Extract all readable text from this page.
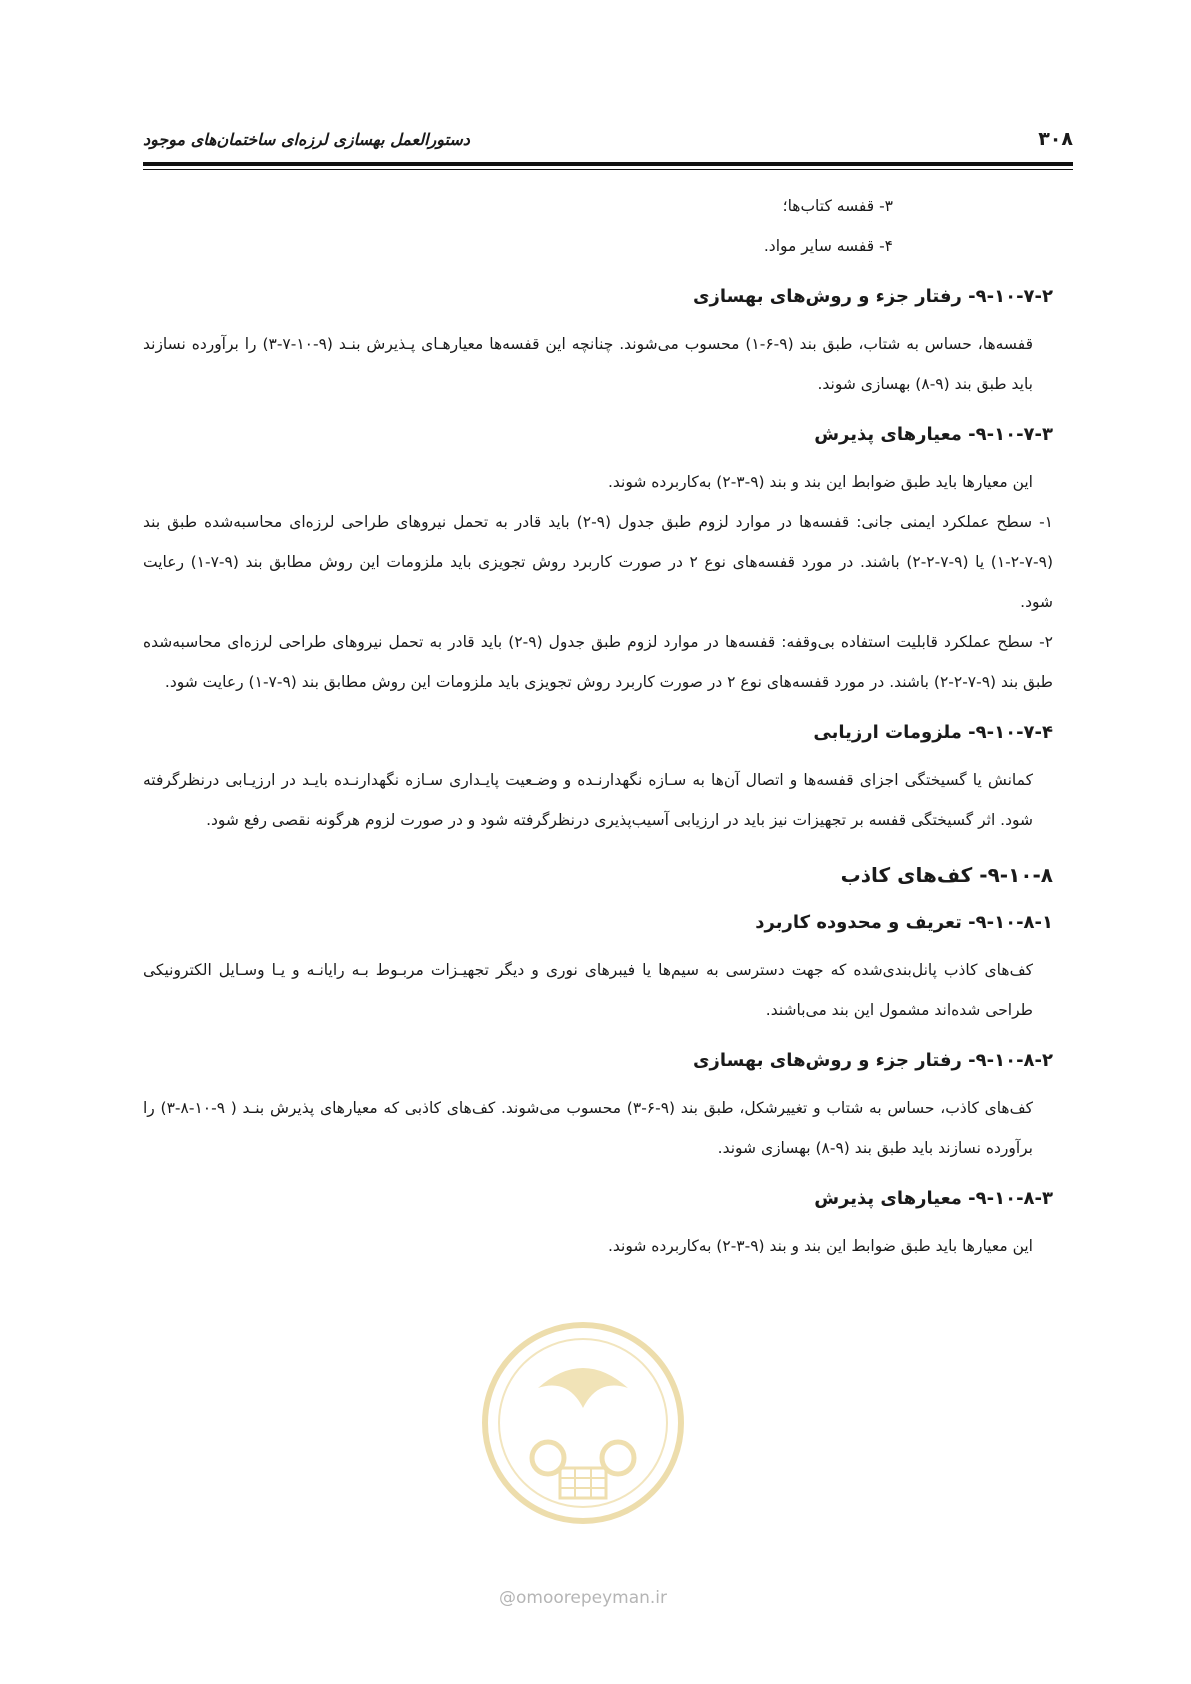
۳۰۸
دستورالعمل بهسازی لرزه‌ای ساختمان‌های موجود

۳- قفسه کتاب‌ها؛

۴- قفسه سایر مواد.

۹-۱۰-۷-۲- رفتار جزء و روش‌های بهسازی

قفسه‌ها، حساس به شتاب، طبق بند (۹-۶-۱) محسوب می‌شوند. چنانچه این قفسه‌ها معیارهـای پـذیرش بنـد (۹-۱۰-۷-۳) را برآورده نسازند باید طبق بند (۹-۸) بهسازی شوند.

۹-۱۰-۷-۳- معیارهای پذیرش

این معیارها باید طبق ضوابط این بند و بند (۹-۳-۲) به‌کاربرده شوند.

۱- سطح عملکرد ایمنی جانی: قفسه‌ها در موارد لزوم طبق جدول (۹-۲) باید قادر به تحمل نیروهای طراحی لرزه‌ای محاسبه‌شده طبق بند (۹-۷-۲-۱) یا (۹-۷-۲-۲) باشند. در مورد قفسه‌های نوع ۲ در صورت کاربرد روش تجویزی باید ملزومات این روش مطابق بند (۹-۷-۱) رعایت شود.

۲- سطح عملکرد قابلیت استفاده بی‌وقفه: قفسه‌ها در موارد لزوم طبق جدول (۹-۲) باید قادر به تحمل نیروهای طراحی لرزه‌ای محاسبه‌شده طبق بند (۹-۷-۲-۲) باشند. در مورد قفسه‌های نوع ۲ در صورت کاربرد روش تجویزی باید ملزومات این روش مطابق بند (۹-۷-۱) رعایت شود.

۹-۱۰-۷-۴- ملزومات ارزیابی

کمانش یا گسیختگی اجزای قفسه‌ها و اتصال آن‌ها به سـازه نگهدارنـده و وضـعیت پایـداری سـازه نگهدارنـده بایـد در ارزیـابی درنظرگرفته شود. اثر گسیختگی قفسه بر تجهیزات نیز باید در ارزیابی آسیب‌پذیری درنظرگرفته شود و در صورت لزوم هرگونه نقصی رفع شود.

۹-۱۰-۸- کف‌های کاذب
۹-۱۰-۸-۱- تعریف و محدوده کاربرد

کف‌های کاذب پانل‌بندی‌شده که جهت دسترسی به سیم‌ها یا فیبرهای نوری و دیگر تجهیـزات مربـوط بـه رایانـه و یـا وسـایل الکترونیکی طراحی شده‌اند مشمول این بند می‌باشند.

۹-۱۰-۸-۲- رفتار جزء و روش‌های بهسازی

کف‌های کاذب، حساس به شتاب و تغییرشکل، طبق بند (۹-۶-۳) محسوب می‌شوند. کف‌های کاذبی که معیارهای پذیرش بنـد ( ۹-۱۰-۸-۳) را برآورده نسازند باید طبق بند (۹-۸) بهسازی شوند.

۹-۱۰-۸-۳- معیارهای پذیرش

این معیارها باید طبق ضوابط این بند و بند (۹-۳-۲) به‌کاربرده شوند.

@omoorepeyman.ir
